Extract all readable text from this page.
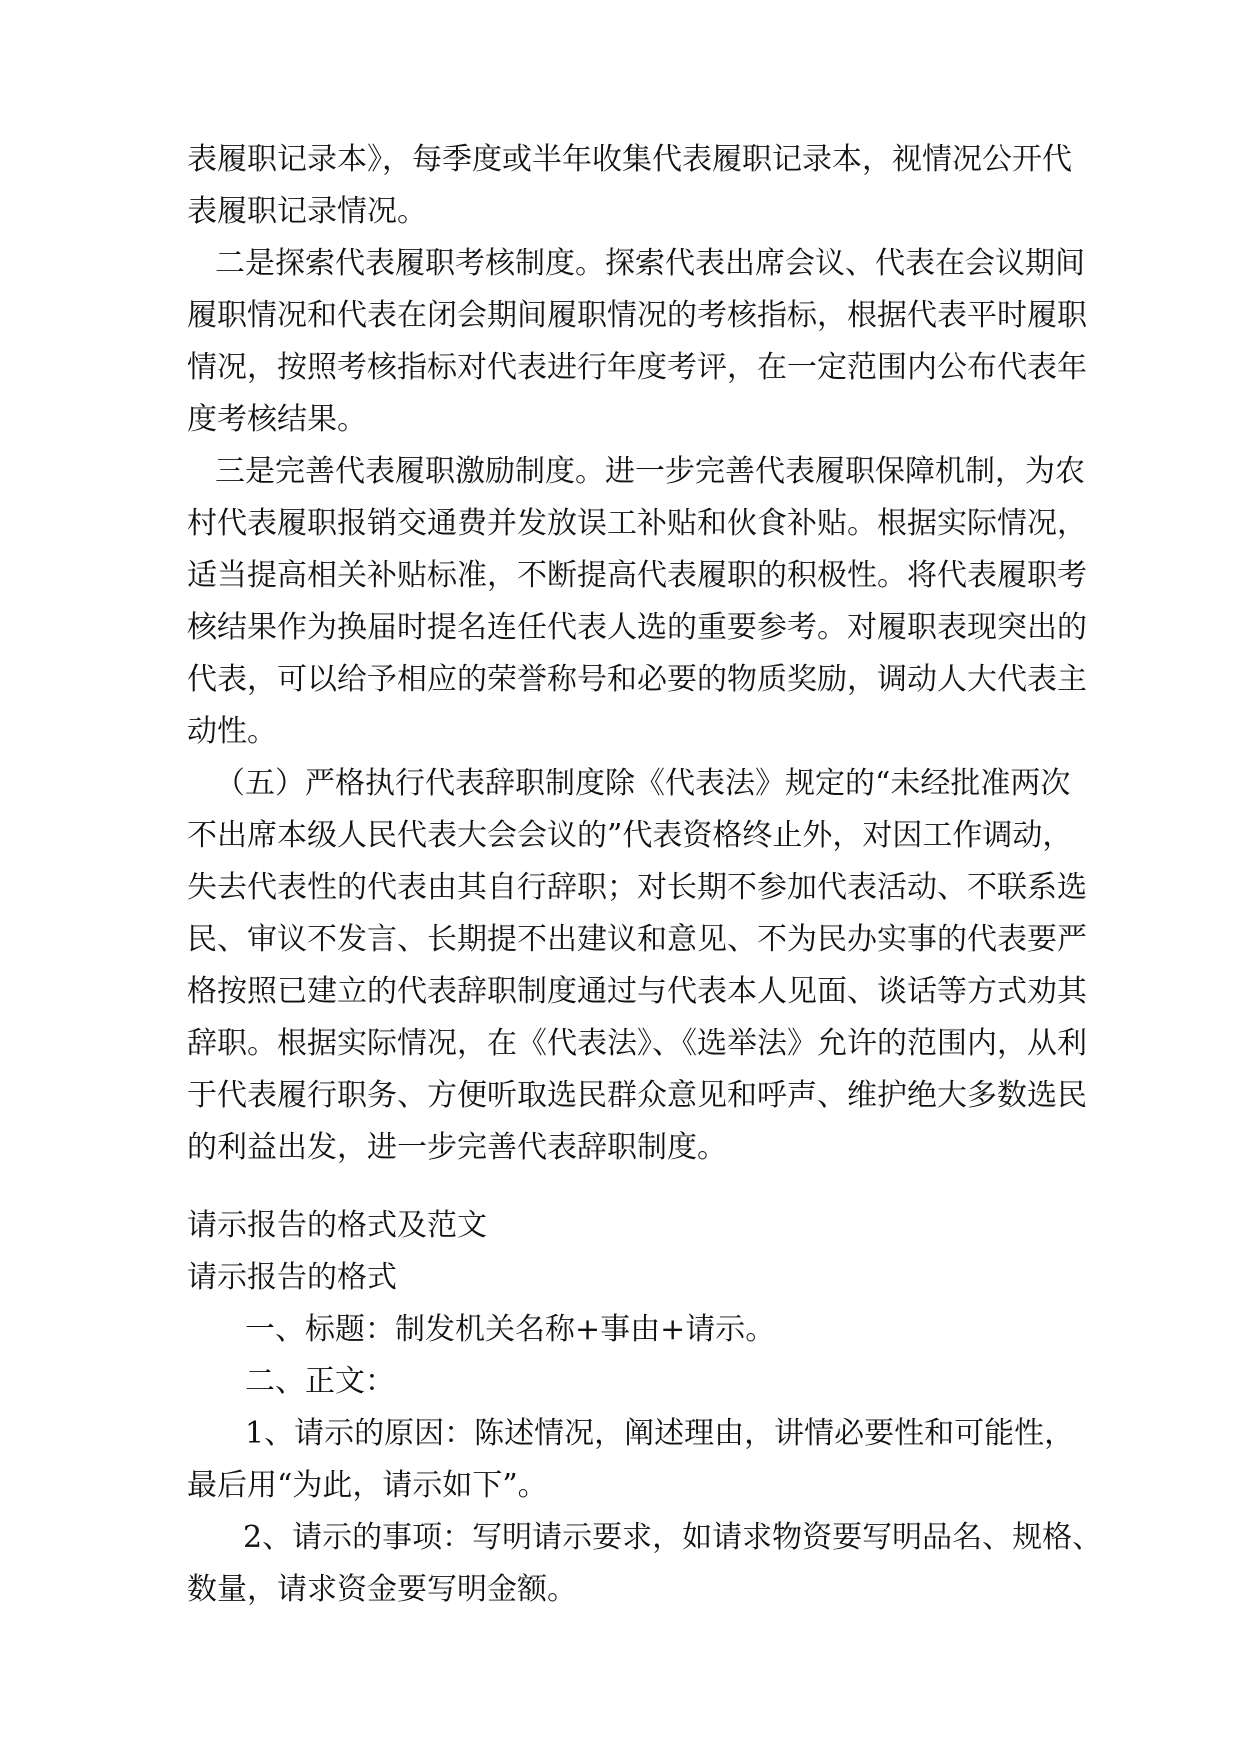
表履职记录本》，每季度或半年收集代表履职记录本，视情况公开代
表履职记录情况。
二是探索代表履职考核制度。探索代表出席会议、代表在会议期间
履职情况和代表在闭会期间履职情况的考核指标，根据代表平时履职
情况，按照考核指标对代表进行年度考评，在一定范围内公布代表年
度考核结果。
三是完善代表履职激励制度。进一步完善代表履职保障机制，为农
村代表履职报销交通费并发放误工补贴和伙食补贴。根据实际情况，
适当提高相关补贴标准，不断提高代表履职的积极性。将代表履职考
核结果作为换届时提名连任代表人选的重要参考。对履职表现突出的
代表，可以给予相应的荣誉称号和必要的物质奖励，调动人大代表主
动性。
（五）严格执行代表辞职制度除《代表法》规定的“未经批准两次
不出席本级人民代表大会会议的”代表资格终止外，对因工作调动，
失去代表性的代表由其自行辞职；对长期不参加代表活动、不联系选
民、审议不发言、长期提不出建议和意见、不为民办实事的代表要严
格按照已建立的代表辞职制度通过与代表本人见面、谈话等方式劝其
辞职。根据实际情况，在《代表法》、《选举法》允许的范围内，从利
于代表履行职务、方便听取选民群众意见和呼声、维护绝大多数选民
的利益出发，进一步完善代表辞职制度。
请示报告的格式及范文
请示报告的格式
一、标题：制发机关名称+事由+请示。
二、正文：
1、请示的原因：陈述情况，阐述理由，讲情必要性和可能性，
最后用“为此，请示如下”。
2、请示的事项：写明请示要求，如请求物资要写明品名、规格、
数量，请求资金要写明金额。
